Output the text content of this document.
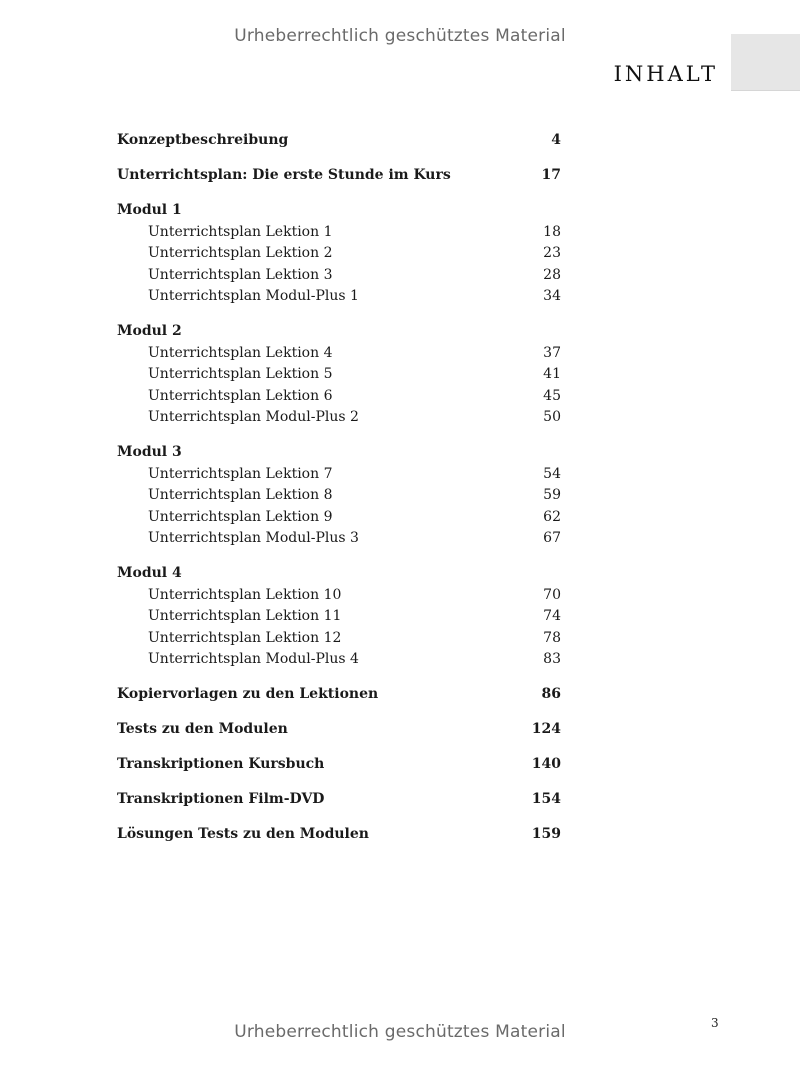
Urheberrechtlich geschütztes Material
INHALT
Konzeptbeschreibung	4
Unterrichtsplan: Die erste Stunde im Kurs	17
Modul 1
Unterrichtsplan Lektion 1	18
Unterrichtsplan Lektion 2	23
Unterrichtsplan Lektion 3	28
Unterrichtsplan Modul-Plus 1	34
Modul 2
Unterrichtsplan Lektion 4	37
Unterrichtsplan Lektion 5	41
Unterrichtsplan Lektion 6	45
Unterrichtsplan Modul-Plus 2	50
Modul 3
Unterrichtsplan Lektion 7	54
Unterrichtsplan Lektion 8	59
Unterrichtsplan Lektion 9	62
Unterrichtsplan Modul-Plus 3	67
Modul 4
Unterrichtsplan Lektion 10	70
Unterrichtsplan Lektion 11	74
Unterrichtsplan Lektion 12	78
Unterrichtsplan Modul-Plus 4	83
Kopiervorlagen zu den Lektionen	86
Tests zu den Modulen	124
Transkriptionen Kursbuch	140
Transkriptionen Film-DVD	154
Lösungen Tests zu den Modulen	159
3
Urheberrechtlich geschütztes Material
